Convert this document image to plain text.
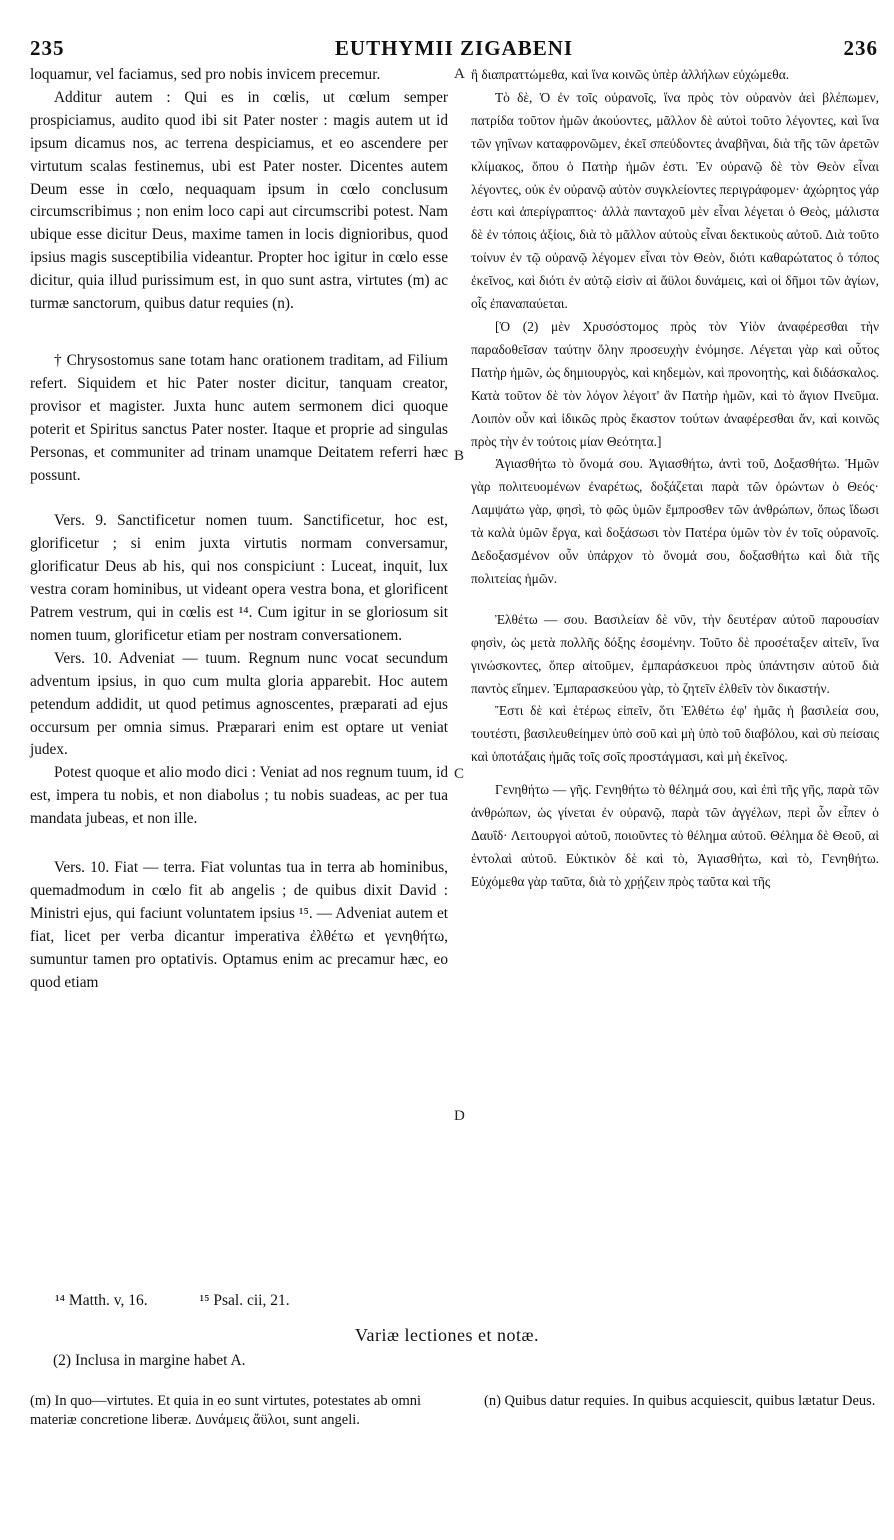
235	EUTHYMII ZIGABENI	236
A
B
C
D

loquamur, vel faciamus, sed pro nobis invicem precemur.

Additur autem : Qui es in cœlis, ut cœlum semper prospiciamus, audito quod ibi sit Pater noster : magis autem ut id ipsum dicamus nos, ac terrena despiciamus, et eo ascendere per virtutum scalas festinemus, ubi est Pater noster. Dicentes autem Deum esse in cœlo, nequaquam ipsum in cœlo conclusum circumscribimus ; non enim loco capi aut circumscribi potest. Nam ubique esse dicitur Deus, maxime tamen in locis dignioribus, quod ipsius magis susceptibilia videantur. Propter hoc igitur in cœlo esse dicitur, quia illud purissimum est, in quo sunt astra, virtutes (m) ac turmæ sanctorum, quibus datur requies (n).

† Chrysostomus sane totam hanc orationem traditam, ad Filium refert. Siquidem et hic Pater noster dicitur, tanquam creator, provisor et magister. Juxta hunc autem sermonem dici quoque poterit et Spiritus sanctus Pater noster. Itaque et proprie ad singulas Personas, et communiter ad trinam unamque Deitatem referri hæc possunt.

Vers. 9. Sanctificetur nomen tuum. Sanctificetur, hoc est, glorificetur ; si enim juxta virtutis normam conversamur, glorificatur Deus ab his, qui nos conspiciunt : Luceat, inquit, lux vestra coram hominibus, ut videant opera vestra bona, et glorificent Patrem vestrum, qui in cœlis est ¹⁴. Cum igitur in se gloriosum sit nomen tuum, glorificetur etiam per nostram conversationem.

Vers. 10. Adveniat — tuum. Regnum nunc vocat secundum adventum ipsius, in quo cum multa gloria apparebit. Hoc autem petendum addidit, ut quod petimus agnoscentes, præparati ad ejus occursum per omnia simus. Præparari enim est optare ut veniat judex.

Potest quoque et alio modo dici : Veniat ad nos regnum tuum, id est, impera tu nobis, et non diabolus ; tu nobis suadeas, ac per tua mandata jubeas, et non ille.

Vers. 10. Fiat — terra. Fiat voluntas tua in terra ab hominibus, quemadmodum in cœlo fit ab angelis ; de quibus dixit David : Ministri ejus, qui faciunt voluntatem ipsius ¹⁵. — Adveniat autem et fiat, licet per verba dicantur imperativa ἐλθέτω et γενηθήτω, sumuntur tamen pro optativis. Optamus enim ac precamur hæc, eo quod etiam

ἢ διαπραττώμεθα, καὶ ἵνα κοινῶς ὑπὲρ ἀλλήλων εὐχώμεθα.

Τὸ δὲ, Ὁ ἐν τοῖς οὐρανοῖς, ἵνα πρὸς τὸν οὐρανὸν ἀεὶ βλέπωμεν, πατρίδα τοῦτον ἡμῶν ἀκούοντες, μᾶλλον δὲ αὐτοὶ τοῦτο λέγοντες, καὶ ἵνα τῶν γηΐνων καταφρονῶμεν, ἐκεῖ σπεύδοντες ἀναβῆναι, διὰ τῆς τῶν ἀρετῶν κλίμακος, ὅπου ὁ Πατὴρ ἡμῶν ἐστι. Ἐν οὐρανῷ δὲ τὸν Θεὸν εἶναι λέγοντες, οὐκ ἐν οὐρανῷ αὐτὸν συγκλείοντες περιγράφομεν· ἀχώρητος γάρ ἐστι καὶ ἀπερίγραπτος· ἀλλὰ πανταχοῦ μὲν εἶναι λέγεται ὁ Θεὸς, μάλιστα δὲ ἐν τόποις ἀξίοις, διὰ τὸ μᾶλλον αὐτοὺς εἶναι δεκτικοὺς αὐτοῦ. Διὰ τοῦτο τοίνυν ἐν τῷ οὐρανῷ λέγομεν εἶναι τὸν Θεὸν, διότι καθαρώτατος ὁ τόπος ἐκεῖνος, καὶ διότι ἐν αὐτῷ εἰσὶν αἱ ἄϋλοι δυνάμεις, καὶ οἱ δῆμοι τῶν ἁγίων, οἷς ἐπαναπαύεται.

[Ὁ (2) μὲν Χρυσόστομος πρὸς τὸν Υἱὸν ἀναφέρεσθαι τὴν παραδοθεῖσαν ταύτην ὅλην προσευχὴν ἐνόμησε. Λέγεται γὰρ καὶ οὗτος Πατὴρ ἡμῶν, ὡς δημιουργὸς, καὶ κηδεμὼν, καὶ προνοητὴς, καὶ διδάσκαλος. Κατὰ τοῦτον δὲ τὸν λόγον λέγοιτ' ἂν Πατὴρ ἡμῶν, καὶ τὸ ἅγιον Πνεῦμα. Λοιπὸν οὖν καὶ ἰδικῶς πρὸς ἕκαστον τούτων ἀναφέρεσθαι ἄν, καὶ κοινῶς πρὸς τὴν ἐν τούτοις μίαν Θεότητα.]

Ἁγιασθήτω τὸ ὄνομά σου. Ἁγιασθήτω, ἀντὶ τοῦ, Δοξασθήτω. Ἡμῶν γὰρ πολιτευομένων ἐναρέτως, δοξάζεται παρὰ τῶν ὁρώντων ὁ Θεός· Λαμψάτω γὰρ, φησὶ, τὸ φῶς ὑμῶν ἔμπροσθεν τῶν ἀνθρώπων, ὅπως ἴδωσι τὰ καλὰ ὑμῶν ἔργα, καὶ δοξάσωσι τὸν Πατέρα ὑμῶν τὸν ἐν τοῖς οὐρανοῖς. Δεδοξασμένον οὖν ὑπάρχον τὸ ὄνομά σου, δοξασθήτω καὶ διὰ τῆς πολιτείας ἡμῶν.

Ἐλθέτω — σου. Βασιλείαν δὲ νῦν, τὴν δευτέραν αὐτοῦ παρουσίαν φησὶν, ὡς μετὰ πολλῆς δόξης ἐσομένην. Τοῦτο δὲ προσέταξεν αἰτεῖν, ἵνα γινώσκοντες, ὅπερ αἰτοῦμεν, ἐμπαράσκευοι πρὸς ὑπάντησιν αὐτοῦ διὰ παντὸς εἴημεν. Ἐμπαρασκεύου γὰρ, τὸ ζητεῖν ἐλθεῖν τὸν δικαστήν.

Ἔστι δὲ καὶ ἑτέρως εἰπεῖν, ὅτι Ἐλθέτω ἐφ' ἡμᾶς ἡ βασιλεία σου, τουτέστι, βασιλευθείημεν ὑπὸ σοῦ καὶ μὴ ὑπὸ τοῦ διαβόλου, καὶ σὺ πείσαις καὶ ὑποτάξαις ἡμᾶς τοῖς σοῖς προστάγμασι, καὶ μὴ ἐκεῖνος.

Γενηθήτω — γῆς. Γενηθήτω τὸ θέλημά σου, καὶ ἐπὶ τῆς γῆς, παρὰ τῶν ἀνθρώπων, ὡς γίνεται ἐν οὐρανῷ, παρὰ τῶν ἀγγέλων, περὶ ὧν εἶπεν ὁ Δαυΐδ· Λειτουργοὶ αὐτοῦ, ποιοῦντες τὸ θέλημα αὐτοῦ. Θέλημα δὲ Θεοῦ, αἱ ἐντολαὶ αὐτοῦ. Εὐκτικὸν δὲ καὶ τὸ, Ἁγιασθήτω, καὶ τὸ, Γενηθήτω. Εὐχόμεθα γὰρ ταῦτα, διὰ τὸ χρῄζειν πρὸς ταῦτα καὶ τῆς

¹⁴ Matth. v, 16.	¹⁵ Psal. cii, 21.
Variæ lectiones et notæ.
(2) Inclusa in margine habet A.
(m) In quo—virtutes. Et quia in eo sunt virtutes, potestates ab omni materiæ concretione liberæ. Δυνάμεις ἄϋλοι, sunt angeli.
(n) Quibus datur requies. In quibus acquiescit, quibus lætatur Deus.
